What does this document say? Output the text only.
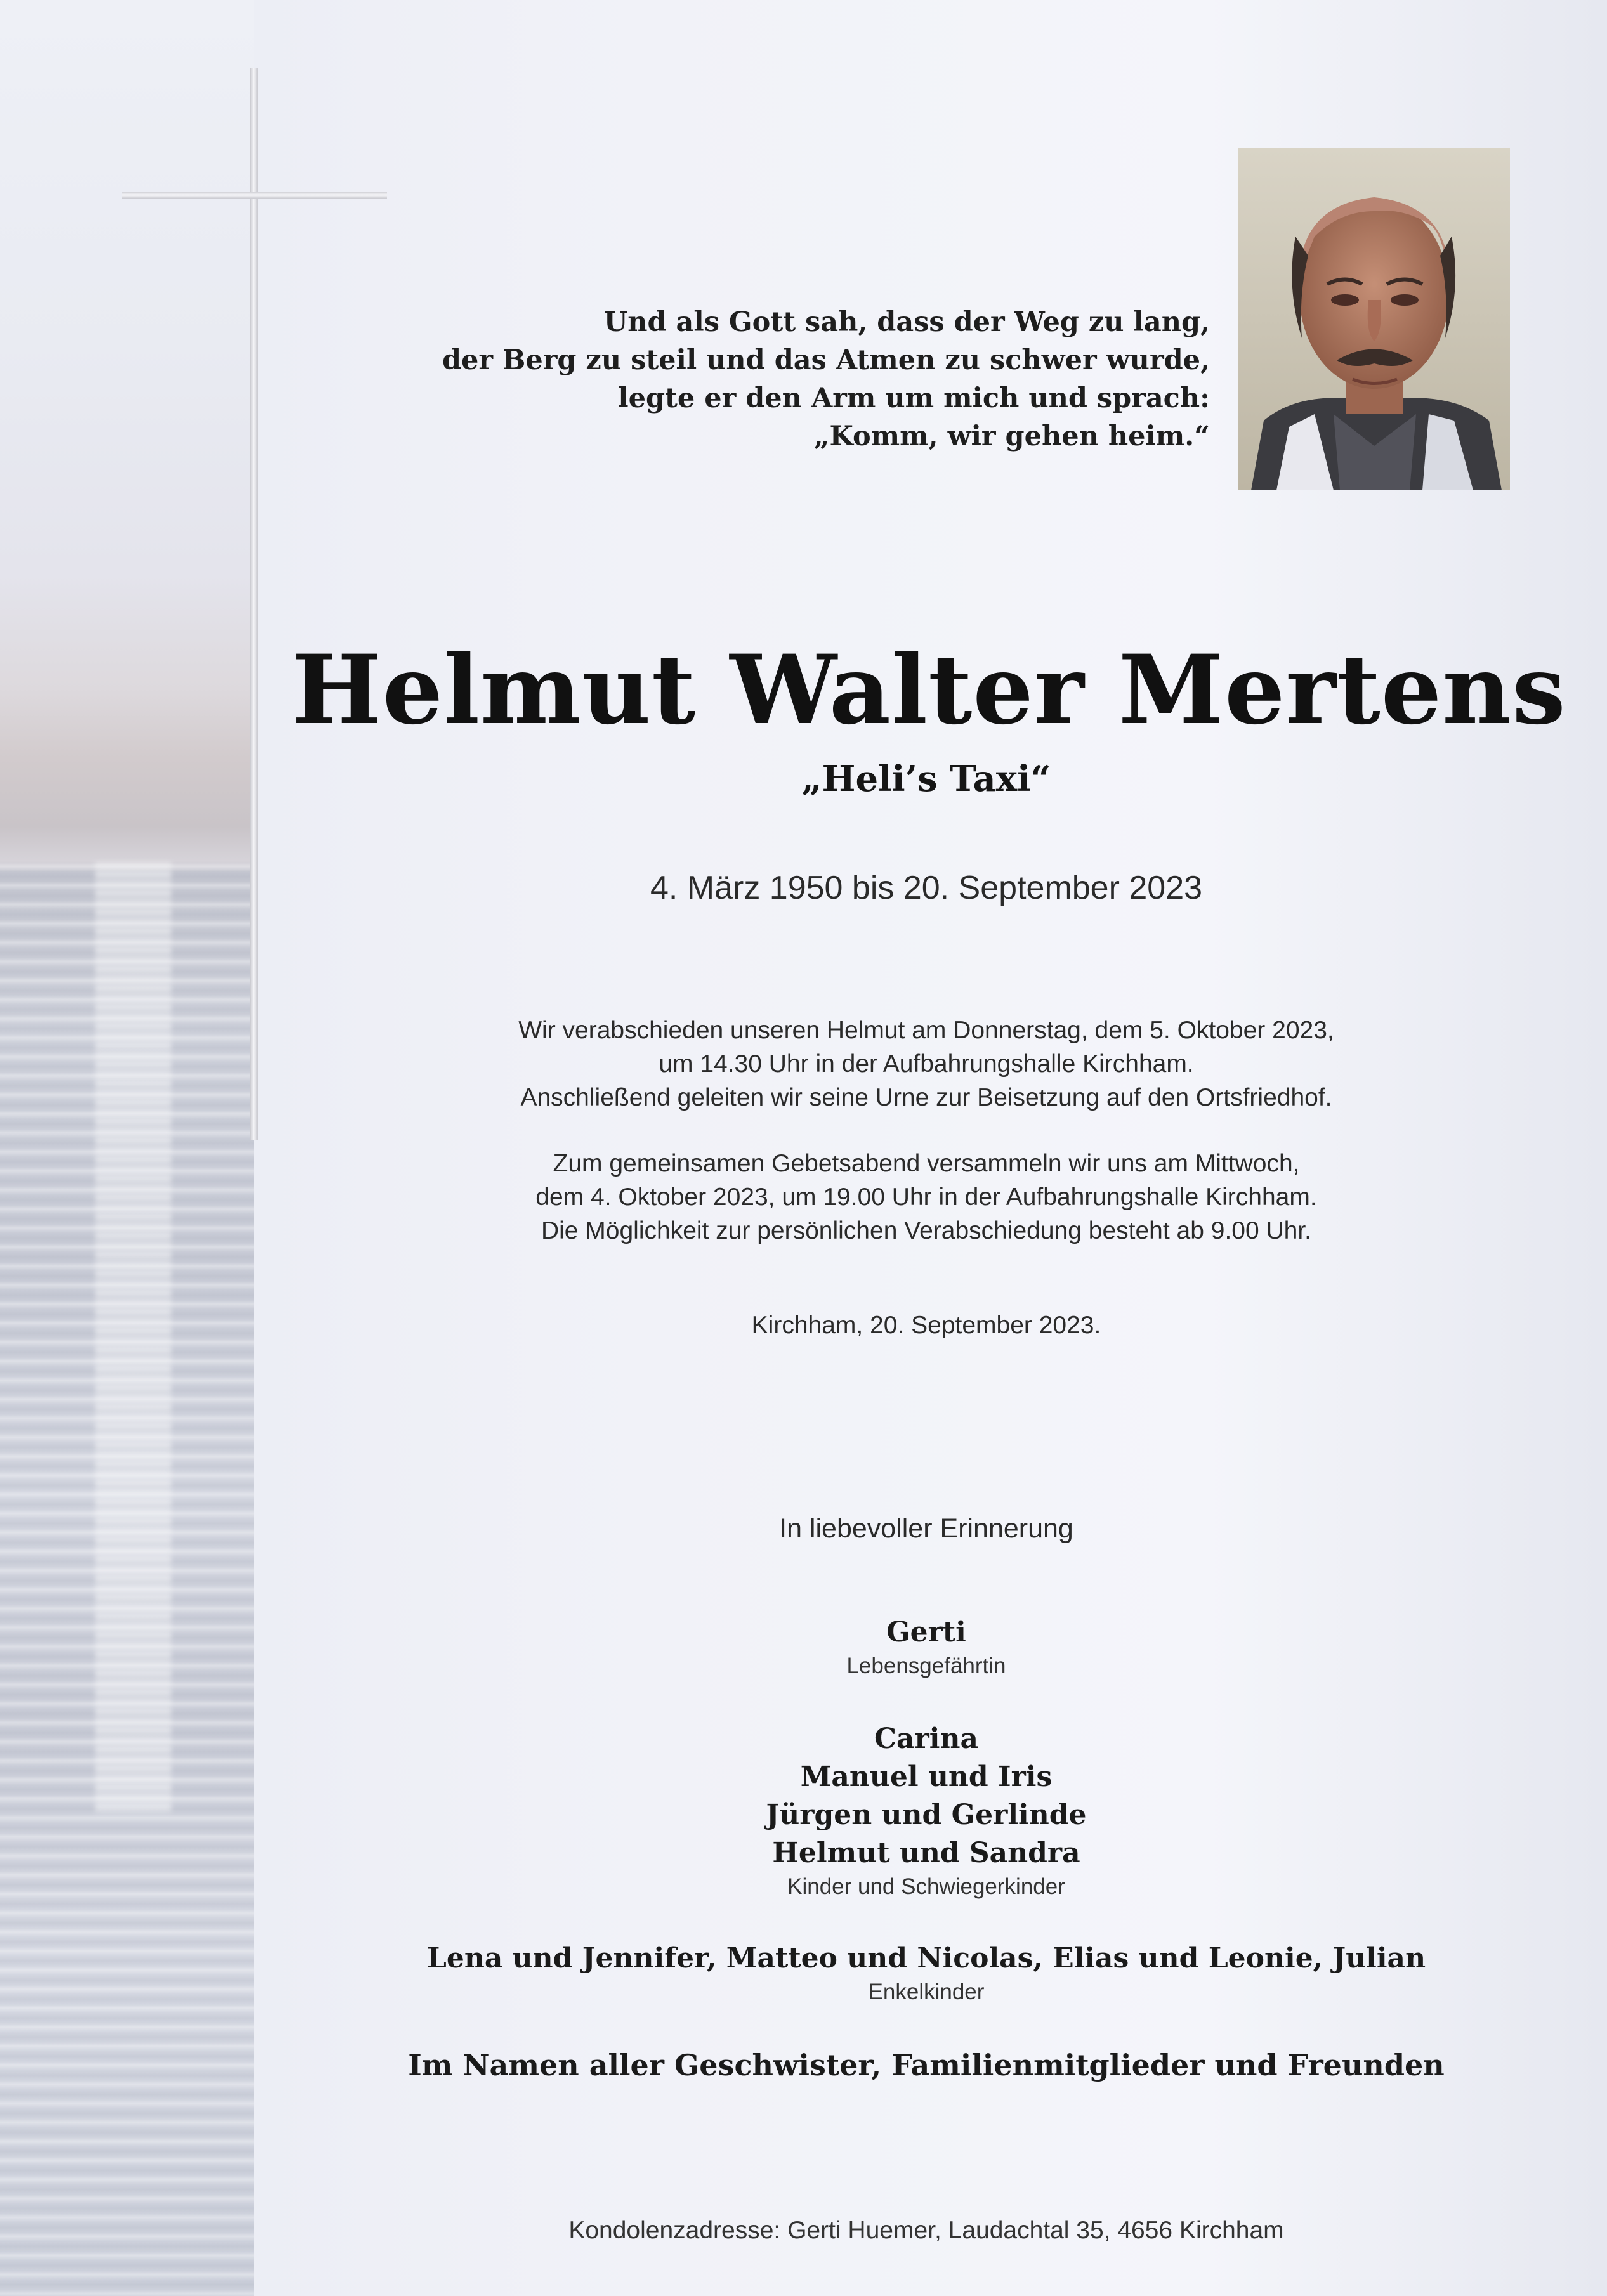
Und als Gott sah, dass der Weg zu lang,
der Berg zu steil und das Atmen zu schwer wurde,
legte er den Arm um mich und sprach:
„Komm, wir gehen heim.“
Helmut Walter Mertens
„Heli’s Taxi“
4. März 1950 bis 20. September 2023
Wir verabschieden unseren Helmut am Donnerstag, dem 5. Oktober 2023,
um 14.30 Uhr in der Aufbahrungshalle Kirchham.
Anschließend geleiten wir seine Urne zur Beisetzung auf den Ortsfriedhof.
Zum gemeinsamen Gebetsabend versammeln wir uns am Mittwoch,
dem 4. Oktober 2023, um 19.00 Uhr in der Aufbahrungshalle Kirchham.
Die Möglichkeit zur persönlichen Verabschiedung besteht ab 9.00 Uhr.
Kirchham, 20. September 2023.
In liebevoller Erinnerung
Gerti
Lebensgefährtin
Carina
Manuel und Iris
Jürgen und Gerlinde
Helmut und Sandra
Kinder und Schwiegerkinder
Lena und Jennifer, Matteo und Nicolas, Elias und Leonie, Julian
Enkelkinder
Im Namen aller Geschwister, Familienmitglieder und Freunden
Kondolenzadresse: Gerti Huemer, Laudachtal 35, 4656 Kirchham
